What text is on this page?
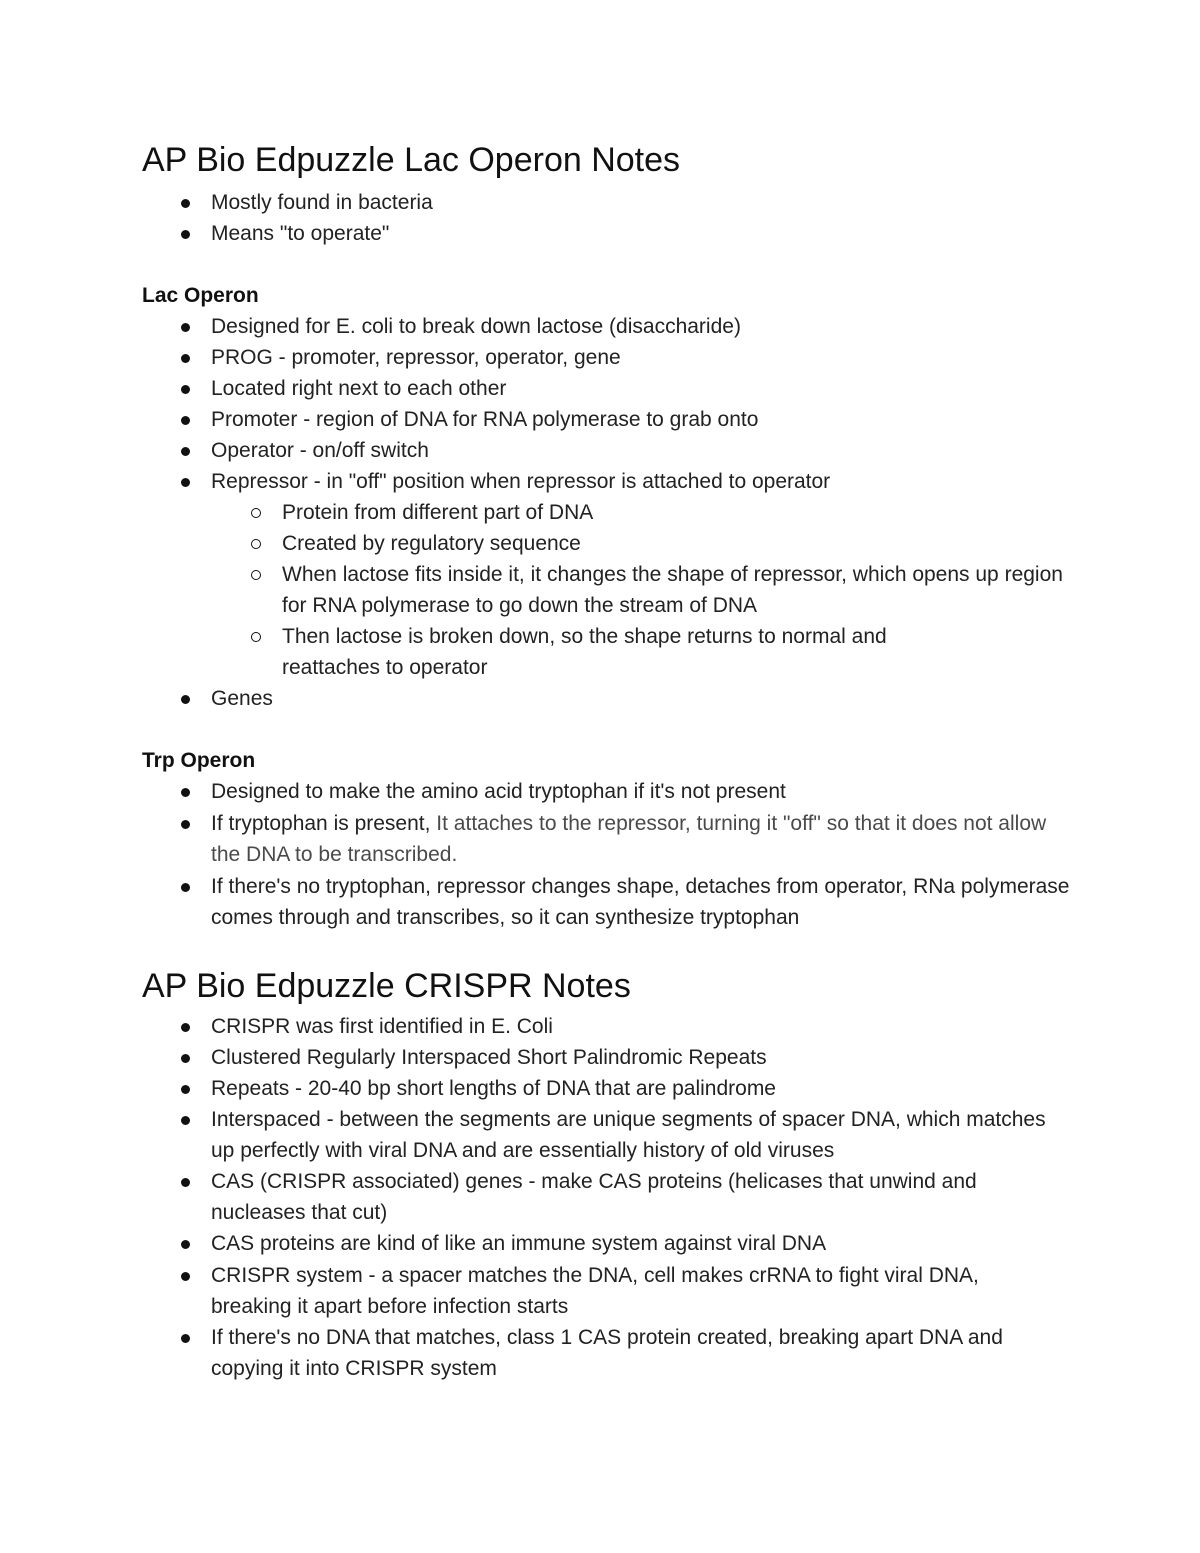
AP Bio Edpuzzle Lac Operon Notes
Mostly found in bacteria
Means "to operate"
Lac Operon
Designed for E. coli to break down lactose (disaccharide)
PROG - promoter, repressor, operator, gene
Located right next to each other
Promoter - region of DNA for RNA polymerase to grab onto
Operator - on/off switch
Repressor - in "off" position when repressor is attached to operator
Protein from different part of DNA
Created by regulatory sequence
When lactose fits inside it, it changes the shape of repressor, which opens up region for RNA polymerase to go down the stream of DNA
Then lactose is broken down, so the shape returns to normal and reattaches to operator
Genes
Trp Operon
Designed to make the amino acid tryptophan if it's not present
If tryptophan is present, It attaches to the repressor, turning it "off" so that it does not allow the DNA to be transcribed.
If there's no tryptophan, repressor changes shape, detaches from operator, RNa polymerase comes through and transcribes, so it can synthesize tryptophan
AP Bio Edpuzzle CRISPR Notes
CRISPR was first identified in E. Coli
Clustered Regularly Interspaced Short Palindromic Repeats
Repeats - 20-40 bp short lengths of DNA that are palindrome
Interspaced - between the segments are unique segments of spacer DNA, which matches up perfectly with viral DNA and are essentially history of old viruses
CAS (CRISPR associated) genes - make CAS proteins (helicases that unwind and nucleases that cut)
CAS proteins are kind of like an immune system against viral DNA
CRISPR system - a spacer matches the DNA, cell makes crRNA to fight viral DNA, breaking it apart before infection starts
If there's no DNA that matches, class 1 CAS protein created, breaking apart DNA and copying it into CRISPR system
